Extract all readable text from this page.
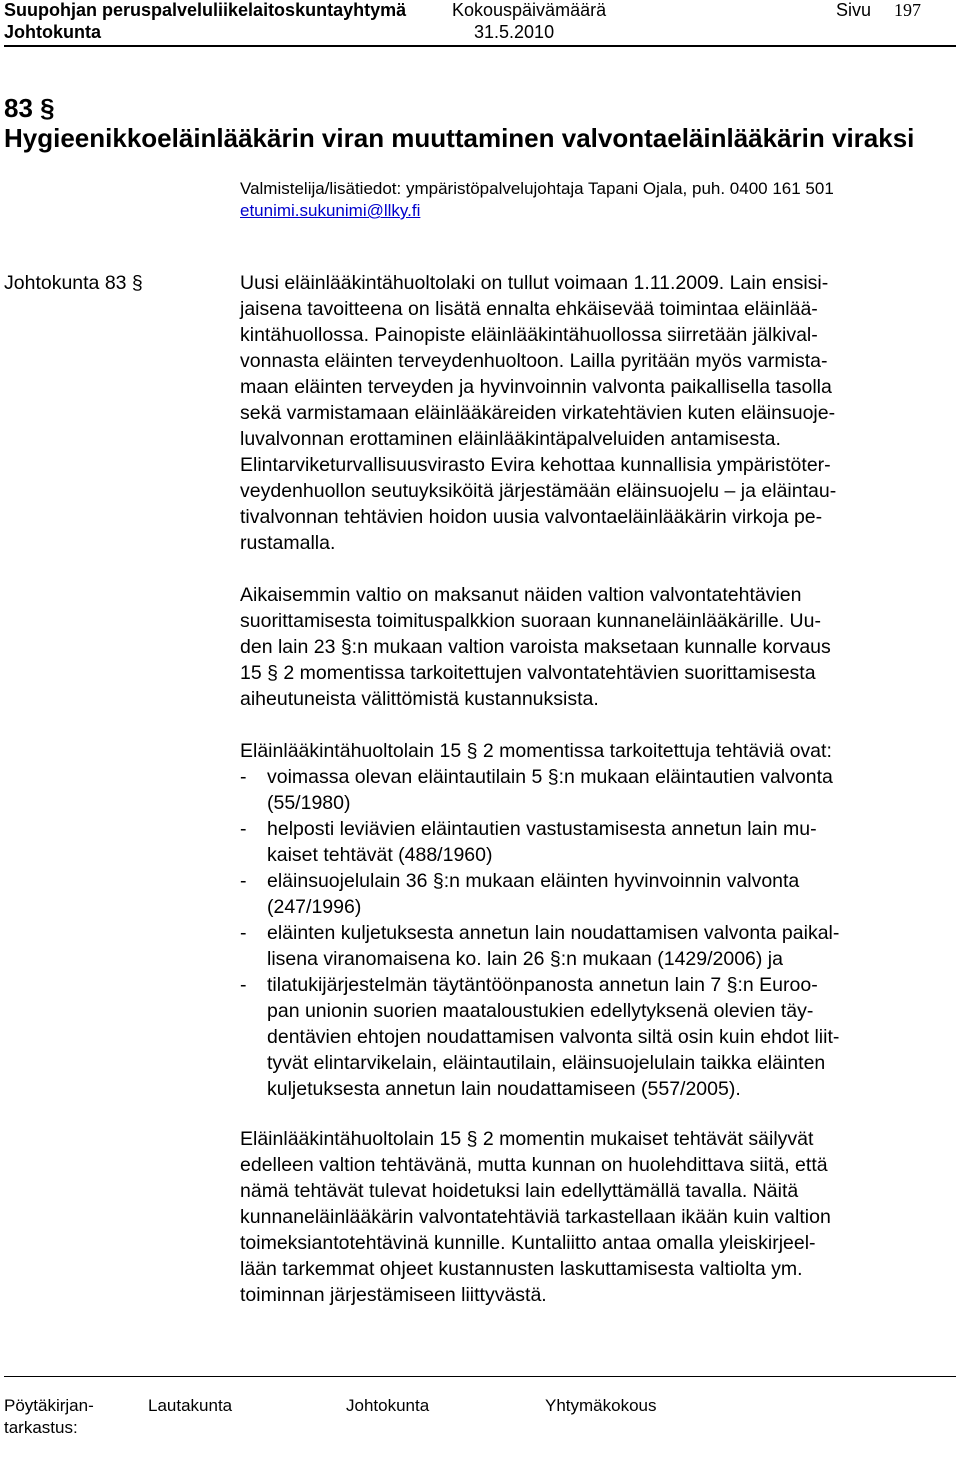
Suupohjan peruspalveluliikelaitoskuntayhtymä	Kokouspäivämäärä	Sivu 197
Johtokunta	31.5.2010
83 §
Hygieenikkoeläinlääkärin viran muuttaminen valvontaeläinlääkärin viraksi
Valmistelija/lisätiedot: ympäristöpalvelujohtaja Tapani Ojala, puh. 0400 161 501
etunimi.sukunimi@llky.fi
Johtokunta 83 §	Uusi eläinlääkintähuoltolaki on tullut voimaan 1.11.2009. Lain ensisi-
jaisena tavoitteena on lisätä ennalta ehkäisevää toimintaa eläinlää-
kintähuollossa. Painopiste eläinlääkintähuollossa siirretään jälkival-
vonnasta eläinten terveydenhuoltoon. Lailla pyritään myös varmista-
maan eläinten terveyden ja hyvinvoinnin valvonta paikallisella tasolla
sekä varmistamaan eläinlääkäreiden virkatehtävien kuten eläinsuoje-
luvalvonnan erottaminen eläinlääkintäpalveluiden antamisesta.
Elintarviketurvallisuusvirasto Evira kehottaa kunnallisia ympäristöter-
veydenhuollon seutuyksiköitä järjestämään eläinsuojelu – ja eläintau-
tivalvonnan tehtävien hoidon uusia valvontaeläinlääkärin virkoja pe-
rustamalla.
Aikaisemmin valtio on maksanut näiden valtion valvontatehtävien
suorittamisesta toimituspalkkion suoraan kunnaneläinlääkärille. Uu-
den lain 23 §:n mukaan valtion varoista maksetaan kunnalle korvaus
15 § 2 momentissa tarkoitettujen valvontatehtävien suorittamisesta
aiheutuneista välittömistä kustannuksista.
Eläinlääkintähuoltolain 15 § 2 momentissa tarkoitettuja tehtäviä ovat:
- voimassa olevan eläintautilain 5 §:n mukaan eläintautien valvonta
(55/1980)
- helposti leviävien eläintautien vastustamisesta annetun lain mu-
kaiset tehtävät (488/1960)
- eläinsuojelulain 36 §:n mukaan eläinten hyvinvoinnin valvonta
(247/1996)
- eläinten kuljetuksesta annetun lain noudattamisen valvonta paikal-
lisena viranomaisena ko. lain 26 §:n mukaan (1429/2006) ja
- tilatukijärjestelmän täytäntöönpanosta annetun lain 7 §:n Euroo-
pan unionin suorien maataloustukien edellytyksenä olevien täy-
dentävien ehtojen noudattamisen valvonta siltä osin kuin ehdot liit-
tyvät elintarvikelain, eläintautilain, eläinsuojelulain taikka eläinten
kuljetuksesta annetun lain noudattamiseen (557/2005).
Eläinlääkintähuoltolain 15 § 2 momentin mukaiset tehtävät säilyvät
edelleen valtion tehtävänä, mutta kunnan on huolehdittava siitä, että
nämä tehtävät tulevat hoidetuksi lain edellyttämällä tavalla. Näitä
kunnaneläinlääkärin valvontatehtäviä tarkastellaan ikään kuin valtion
toimeksiantotehtävinä kunnille. Kuntaliitto antaa omalla yleiskirjeel-
lään tarkemmat ohjeet kustannusten laskuttamisesta valtiolta ym.
toiminnan järjestämiseen liittyvästä.
Pöytäkirjan-
tarkastus:
Lautakunta	Johtokunta	Yhtymäkokous
